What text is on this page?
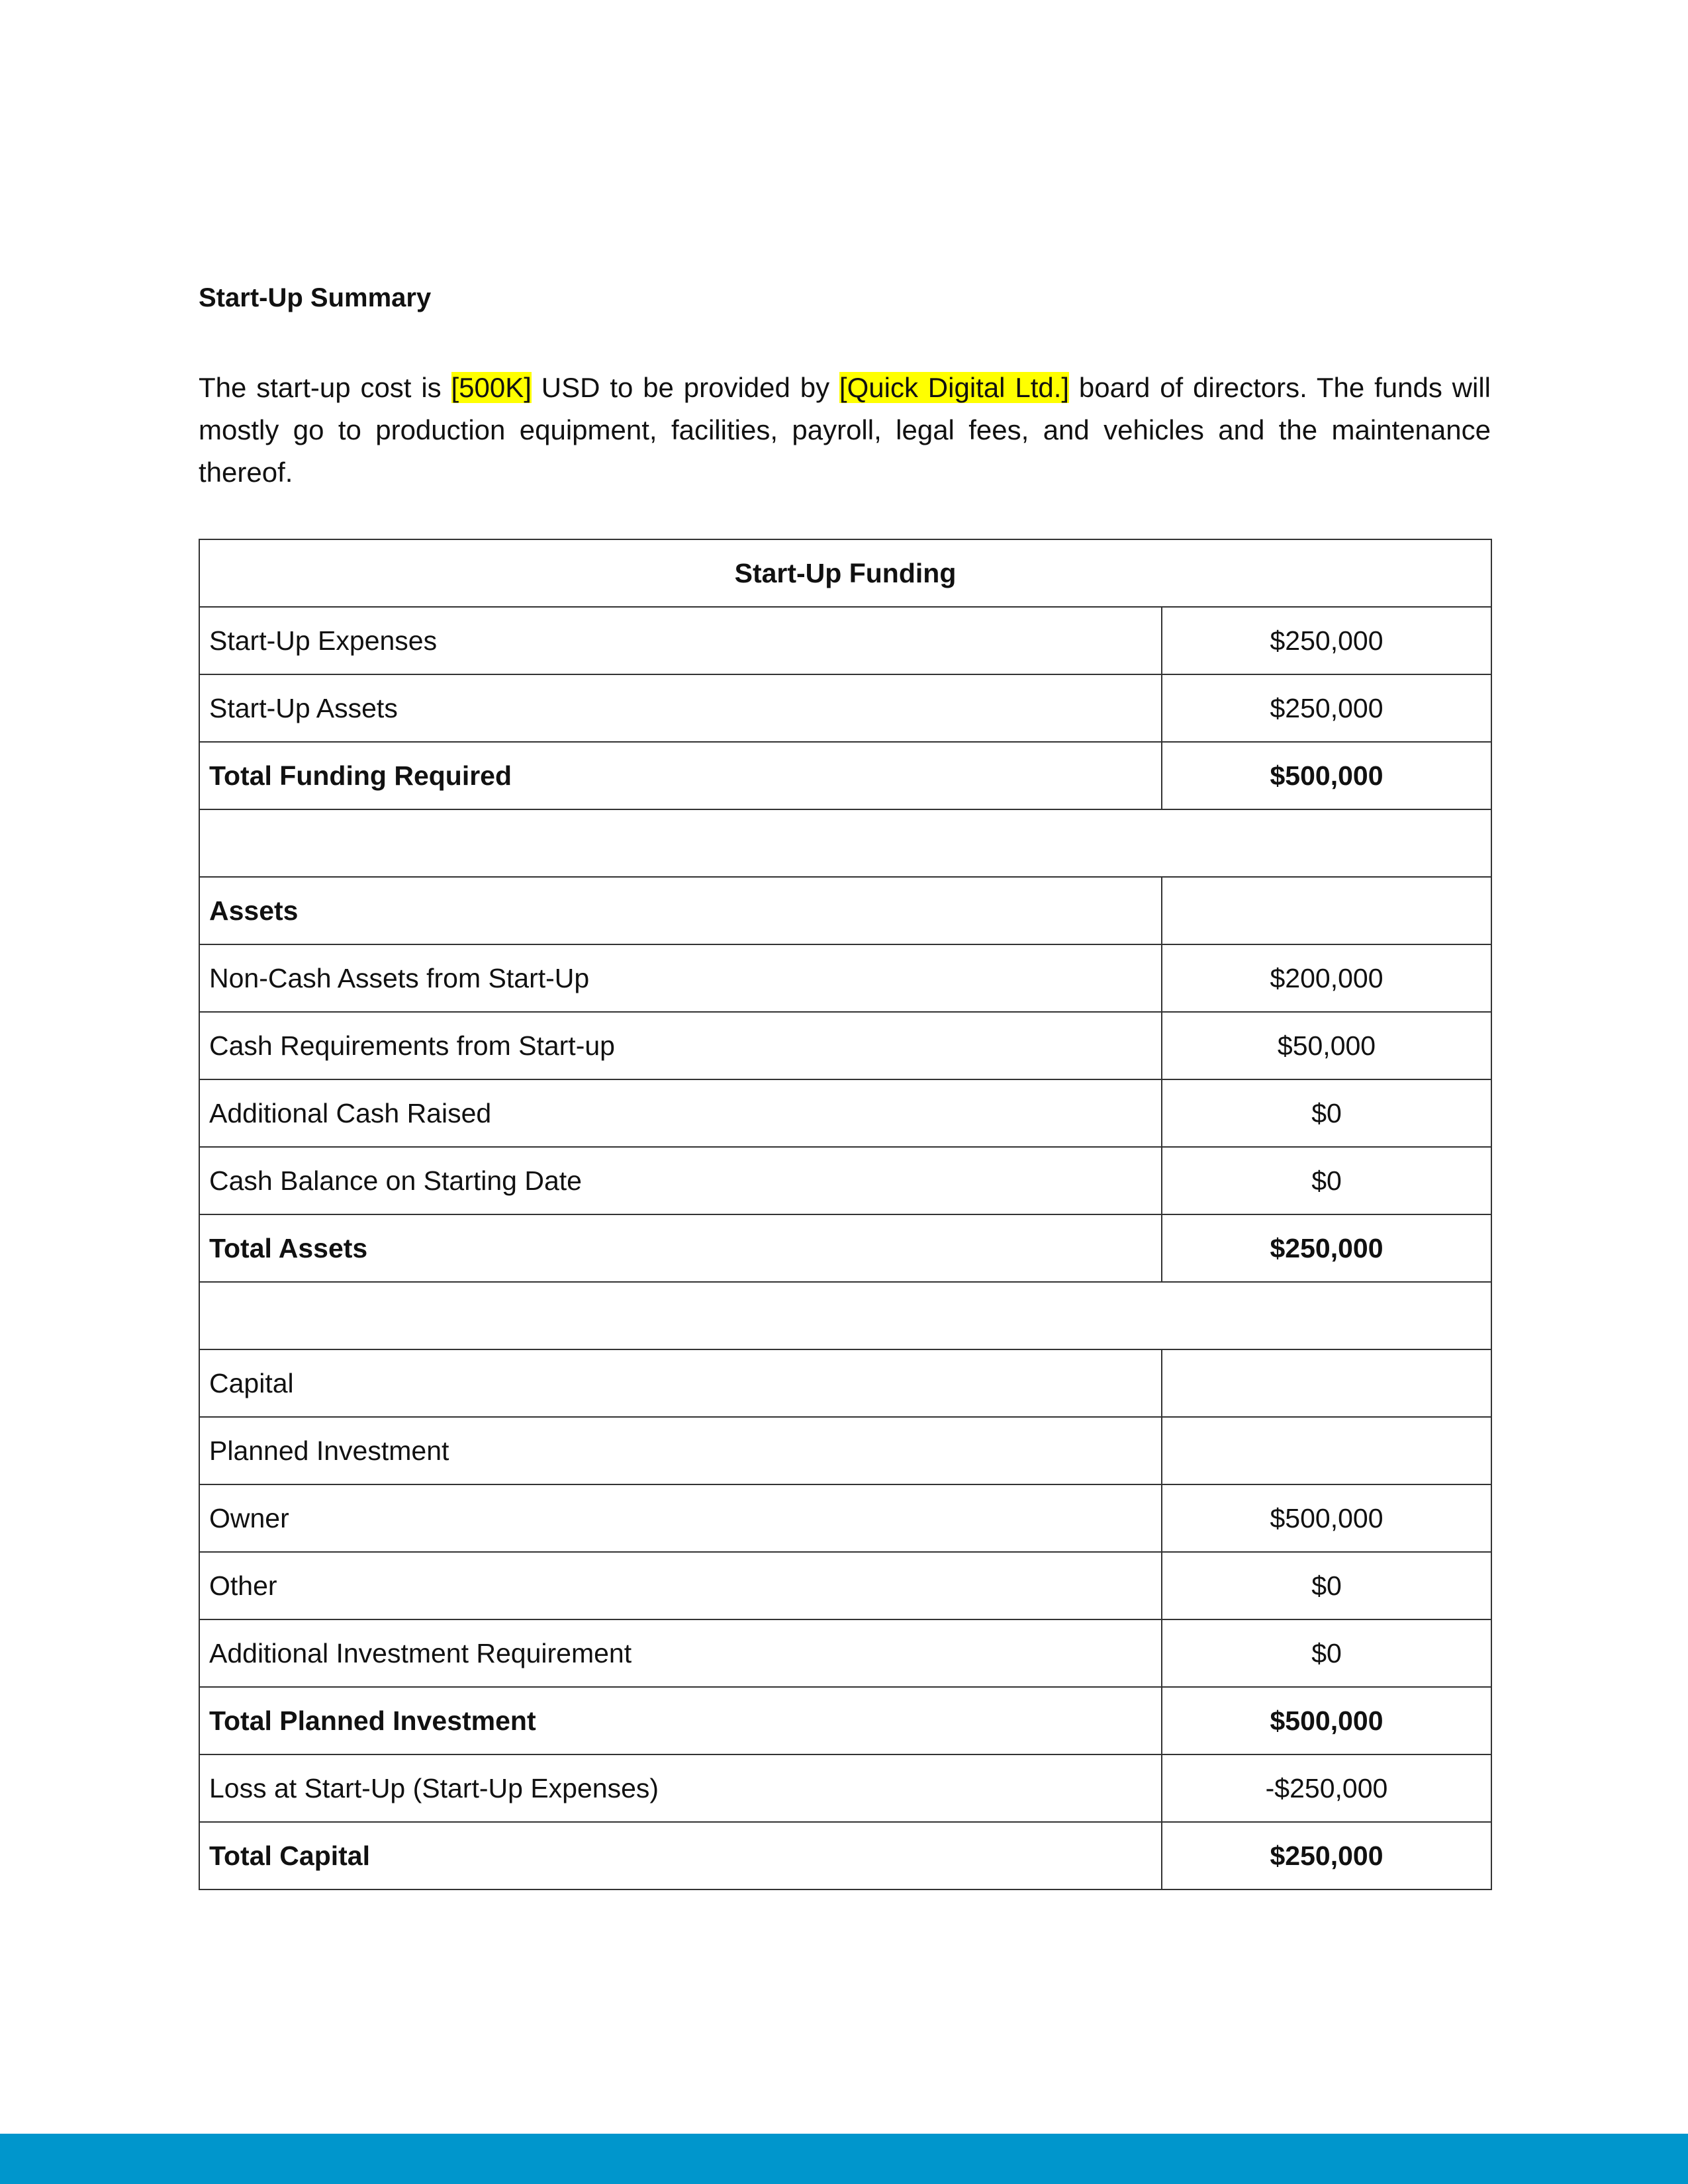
Start-Up Summary

The start-up cost is [500K] USD to be provided by [Quick Digital Ltd.] board of directors. The funds will mostly go to production equipment, facilities, payroll, legal fees, and vehicles and the maintenance thereof.

Start-Up Funding	
Start-Up Expenses	$250,000
Start-Up Assets	$250,000
Total Funding Required	$500,000

Assets	
Non-Cash Assets from Start-Up	$200,000
Cash Requirements from Start-up	$50,000
Additional Cash Raised	$0
Cash Balance on Starting Date	$0
Total Assets	$250,000

Capital	
Planned Investment	
Owner	$500,000
Other	$0
Additional Investment Requirement	$0
Total Planned Investment	$500,000
Loss at Start-Up (Start-Up Expenses)	-$250,000
Total Capital	$250,000
